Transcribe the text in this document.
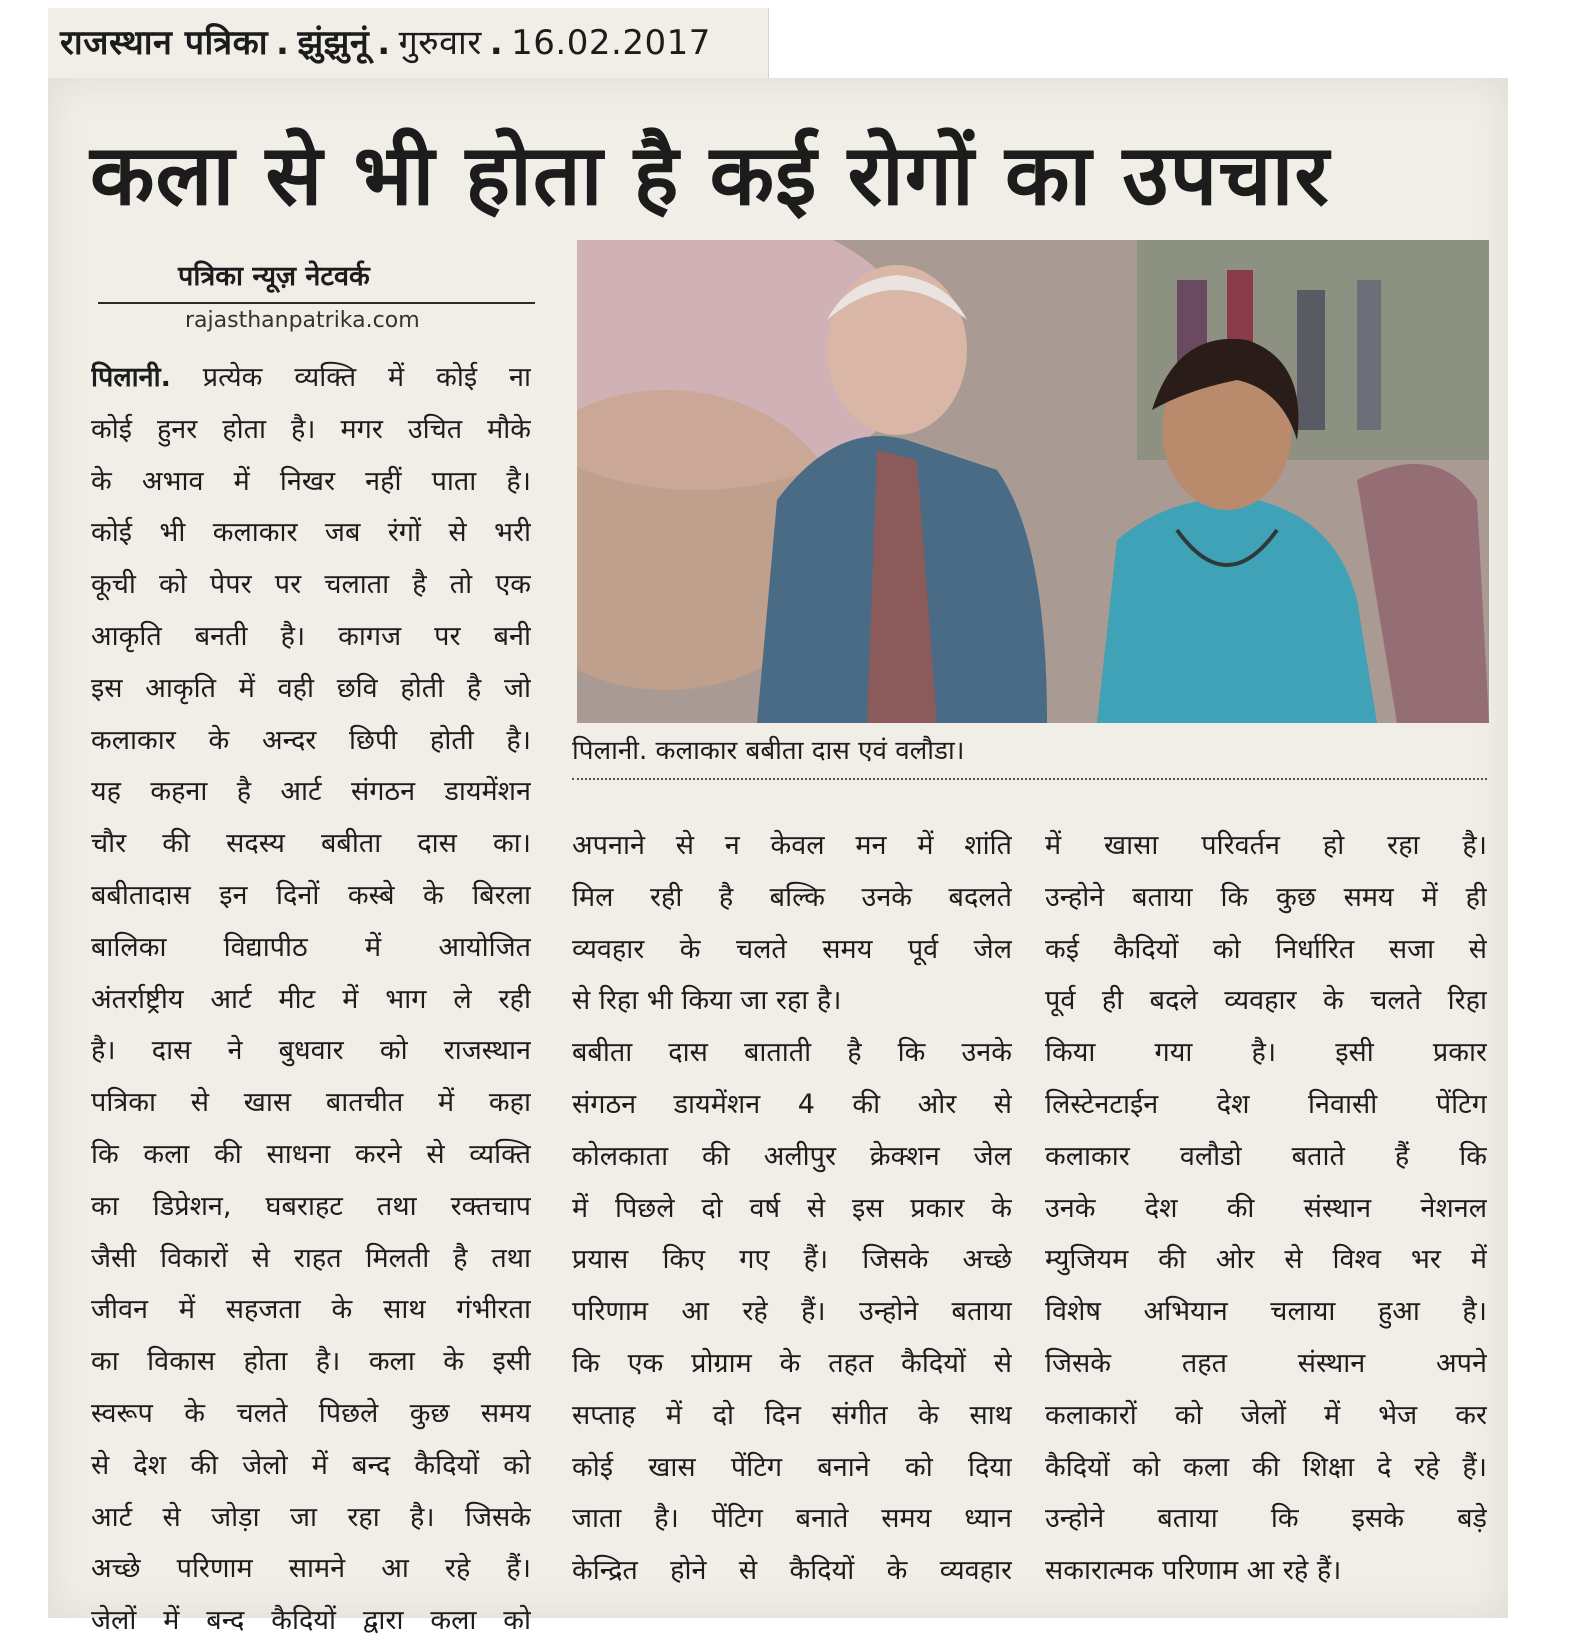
राजस्थान पत्रिका . झुंझुनूं . गुरुवार . 16.02.2017
कला से भी होता है कई रोगों का उपचार
पत्रिका न्यूज़ नेटवर्क
rajasthanpatrika.com
पिलानी. कलाकार बबीता दास एवं वलौडा।
पिलानी. प्रत्येक व्यक्ति में कोई ना
कोई हुनर होता है। मगर उचित मौके
के अभाव में निखर नहीं पाता है।
कोई भी कलाकार जब रंगों से भरी
कूची को पेपर पर चलाता है तो एक
आकृति बनती है। कागज पर बनी
इस आकृति में वही छवि होती है जो
कलाकार के अन्दर छिपी होती है।
यह कहना है आर्ट संगठन डायमेंशन
चौर की सदस्य बबीता दास का।
बबीतादास इन दिनों कस्बे के बिरला
बालिका विद्यापीठ में आयोजित
अंतर्राष्ट्रीय आर्ट मीट में भाग ले रही
है। दास ने बुधवार को राजस्थान
पत्रिका से खास बातचीत में कहा
कि कला की साधना करने से व्यक्ति
का डिप्रेशन, घबराहट तथा रक्तचाप
जैसी विकारों से राहत मिलती है तथा
जीवन में सहजता के साथ गंभीरता
का विकास होता है। कला के इसी
स्वरूप के चलते पिछले कुछ समय
से देश की जेलो में बन्द कैदियों को
आर्ट से जोड़ा जा रहा है। जिसके
अच्छे परिणाम सामने आ रहे हैं।
जेलों में बन्द कैदियों द्वारा कला को
अपनाने से न केवल मन में शांति
मिल रही है बल्कि उनके बदलते
व्यवहार के चलते समय पूर्व जेल
से रिहा भी किया जा रहा है।
बबीता दास बाताती है कि उनके
संगठन डायमेंशन 4 की ओर से
कोलकाता की अलीपुर क्रेक्शन जेल
में पिछले दो वर्ष से इस प्रकार के
प्रयास किए गए हैं। जिसके अच्छे
परिणाम आ रहे हैं। उन्होने बताया
कि एक प्रोग्राम के तहत कैदियों से
सप्ताह में दो दिन संगीत के साथ
कोई खास पेंटिग बनाने को दिया
जाता है। पेंटिग बनाते समय ध्यान
केन्द्रित होने से कैदियों के व्यवहार
में खासा परिवर्तन हो रहा है।
उन्होने बताया कि कुछ समय में ही
कई कैदियों को निर्धारित सजा से
पूर्व ही बदले व्यवहार के चलते रिहा
किया गया है। इसी प्रकार
लिस्टेनटाईन देश निवासी पेंटिग
कलाकार वलौडो बताते हैं कि
उनके देश की संस्थान नेशनल
म्युजियम की ओर से विश्व भर में
विशेष अभियान चलाया हुआ है।
जिसके तहत संस्थान अपने
कलाकारों को जेलों में भेज कर
कैदियों को कला की शिक्षा दे रहे हैं।
उन्होने बताया कि इसके बड़े
सकारात्मक परिणाम आ रहे हैं।
